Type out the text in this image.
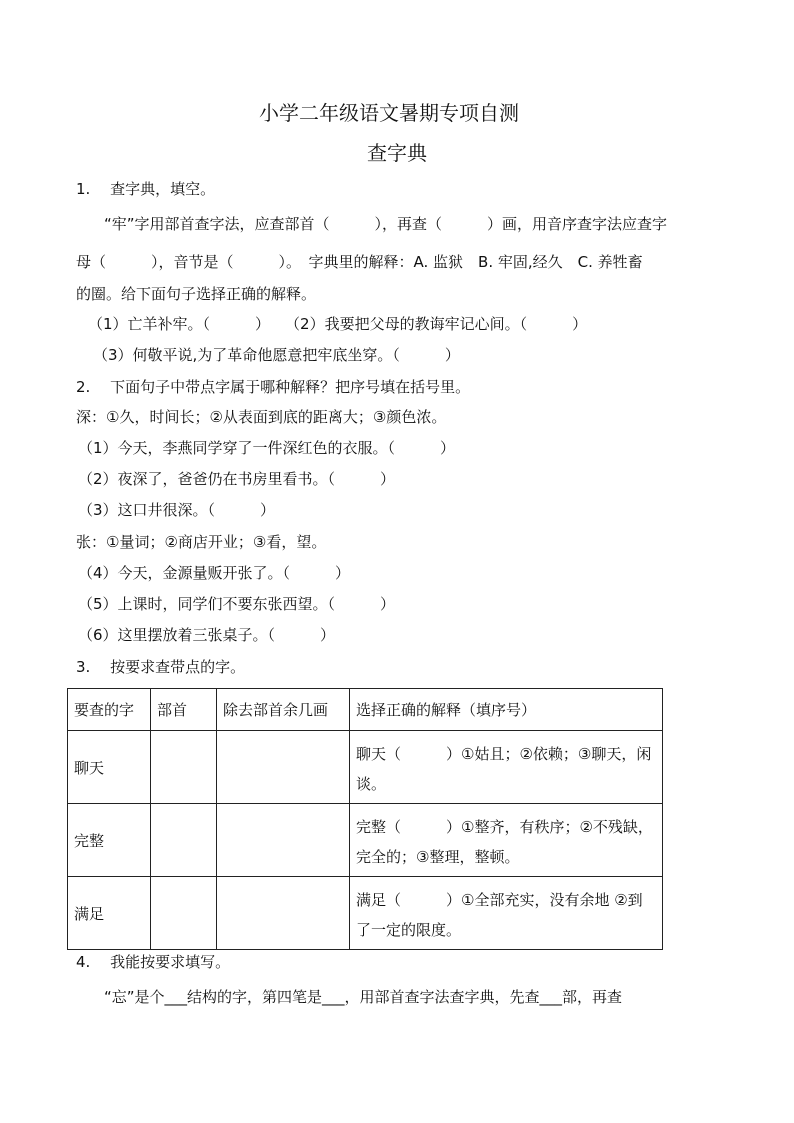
小学二年级语文暑期专项自测
查字典
1.　 查字典，填空。
“牢”字用部首查字法，应查部首（　　　），再查（　　　）画，用音序查字法应查字
母（　　　），音节是（　　　）。　字典里的解释：A. 监狱　B. 牢固,经久　C. 养牲畜
的圈。给下面句子选择正确的解释。
（1）亡羊补牢。（　　　）　　（2）我要把父母的教诲牢记心间。（　　　）
（3）何敬平说,为了革命他愿意把牢底坐穿。（　　　）
2.　 下面句子中带点字属于哪种解释？把序号填在括号里。
深：①久，时间长；②从表面到底的距离大；③颜色浓。
（1）今天，李燕同学穿了一件深红色的衣服。（　　　）
（2）夜深了，爸爸仍在书房里看书。（　　　）
（3）这口井很深。（　　　）
张：①量词；②商店开业；③看，望。
（4）今天，金源量贩开张了。（　　　）
（5）上课时，同学们不要东张西望。（　　　）
（6）这里摆放着三张桌子。（　　　）
3.　 按要求查带点的字。
要查的字	部首	除去部首余几画	选择正确的解释（填序号）
聊天			聊天（　　　）①姑且；②依赖；③聊天，闲谈。
完整			完整（　　　）①整齐，有秩序；②不残缺，完全的；③整理，整顿。
满足			满足（　　　）①全部充实，没有余地 ②到了一定的限度。
4.　 我能按要求填写。
“忘”是个___结构的字，第四笔是___，用部首查字法查字典，先查___部，再查
